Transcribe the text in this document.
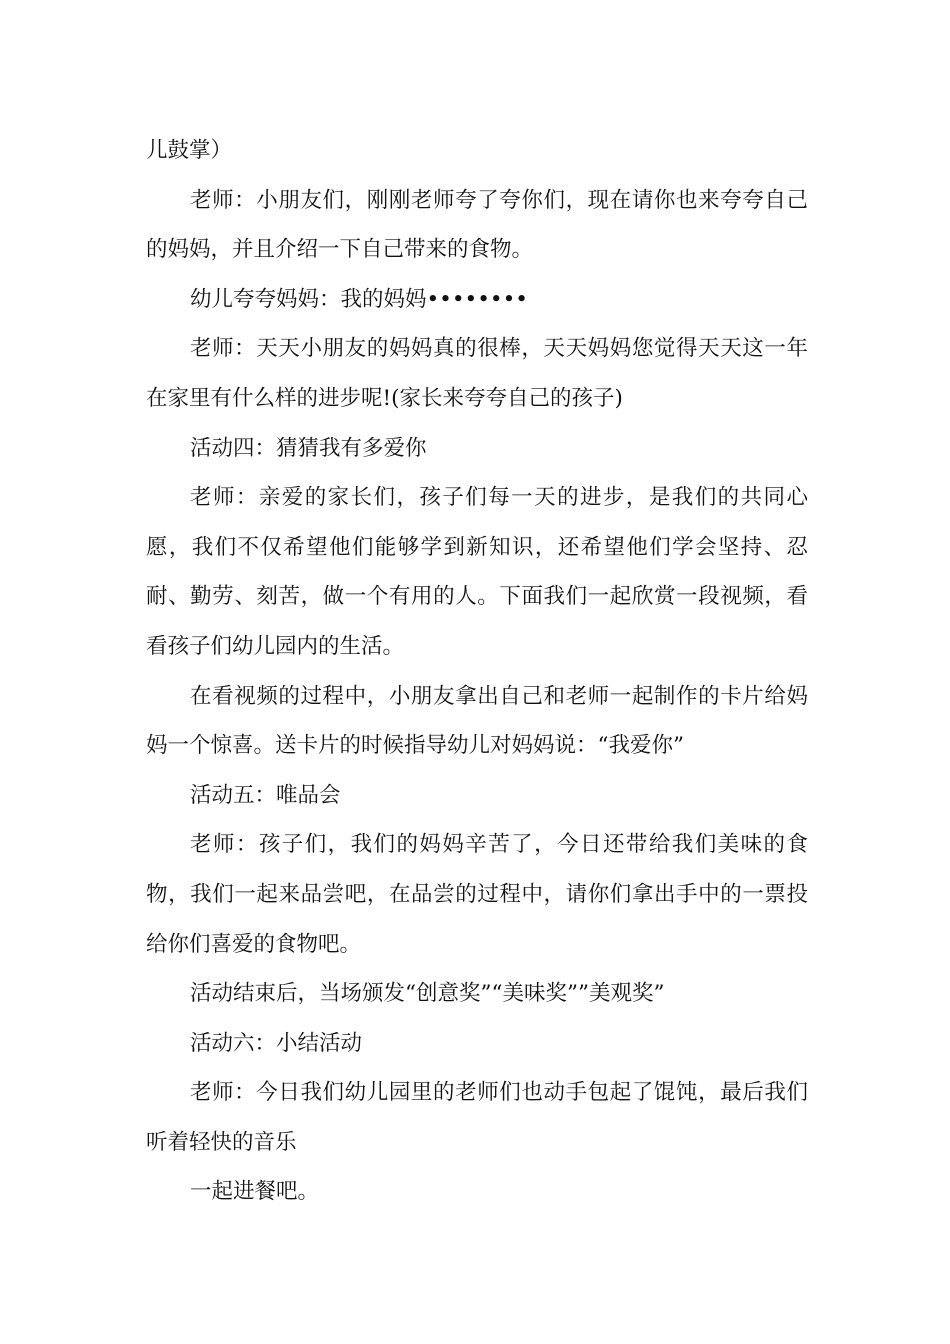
儿鼓掌）

老师：小朋友们，刚刚老师夸了夸你们，现在请你也来夸夸自己的妈妈，并且介绍一下自己带来的食物。

幼儿夸夸妈妈：我的妈妈••••••••

老师：天天小朋友的妈妈真的很棒，天天妈妈您觉得天天这一年在家里有什么样的进步呢!(家长来夸夸自己的孩子)

活动四：猜猜我有多爱你

老师：亲爱的家长们，孩子们每一天的进步，是我们的共同心愿，我们不仅希望他们能够学到新知识，还希望他们学会坚持、忍耐、勤劳、刻苦，做一个有用的人。下面我们一起欣赏一段视频，看看孩子们幼儿园内的生活。

在看视频的过程中，小朋友拿出自己和老师一起制作的卡片给妈妈一个惊喜。送卡片的时候指导幼儿对妈妈说：“我爱你”

活动五：唯品会

老师：孩子们，我们的妈妈辛苦了，今日还带给我们美味的食物，我们一起来品尝吧，在品尝的过程中，请你们拿出手中的一票投给你们喜爱的食物吧。

活动结束后，当场颁发“创意奖”“美味奖””美观奖”

活动六：小结活动

老师：今日我们幼儿园里的老师们也动手包起了馄饨，最后我们听着轻快的音乐

一起进餐吧。
